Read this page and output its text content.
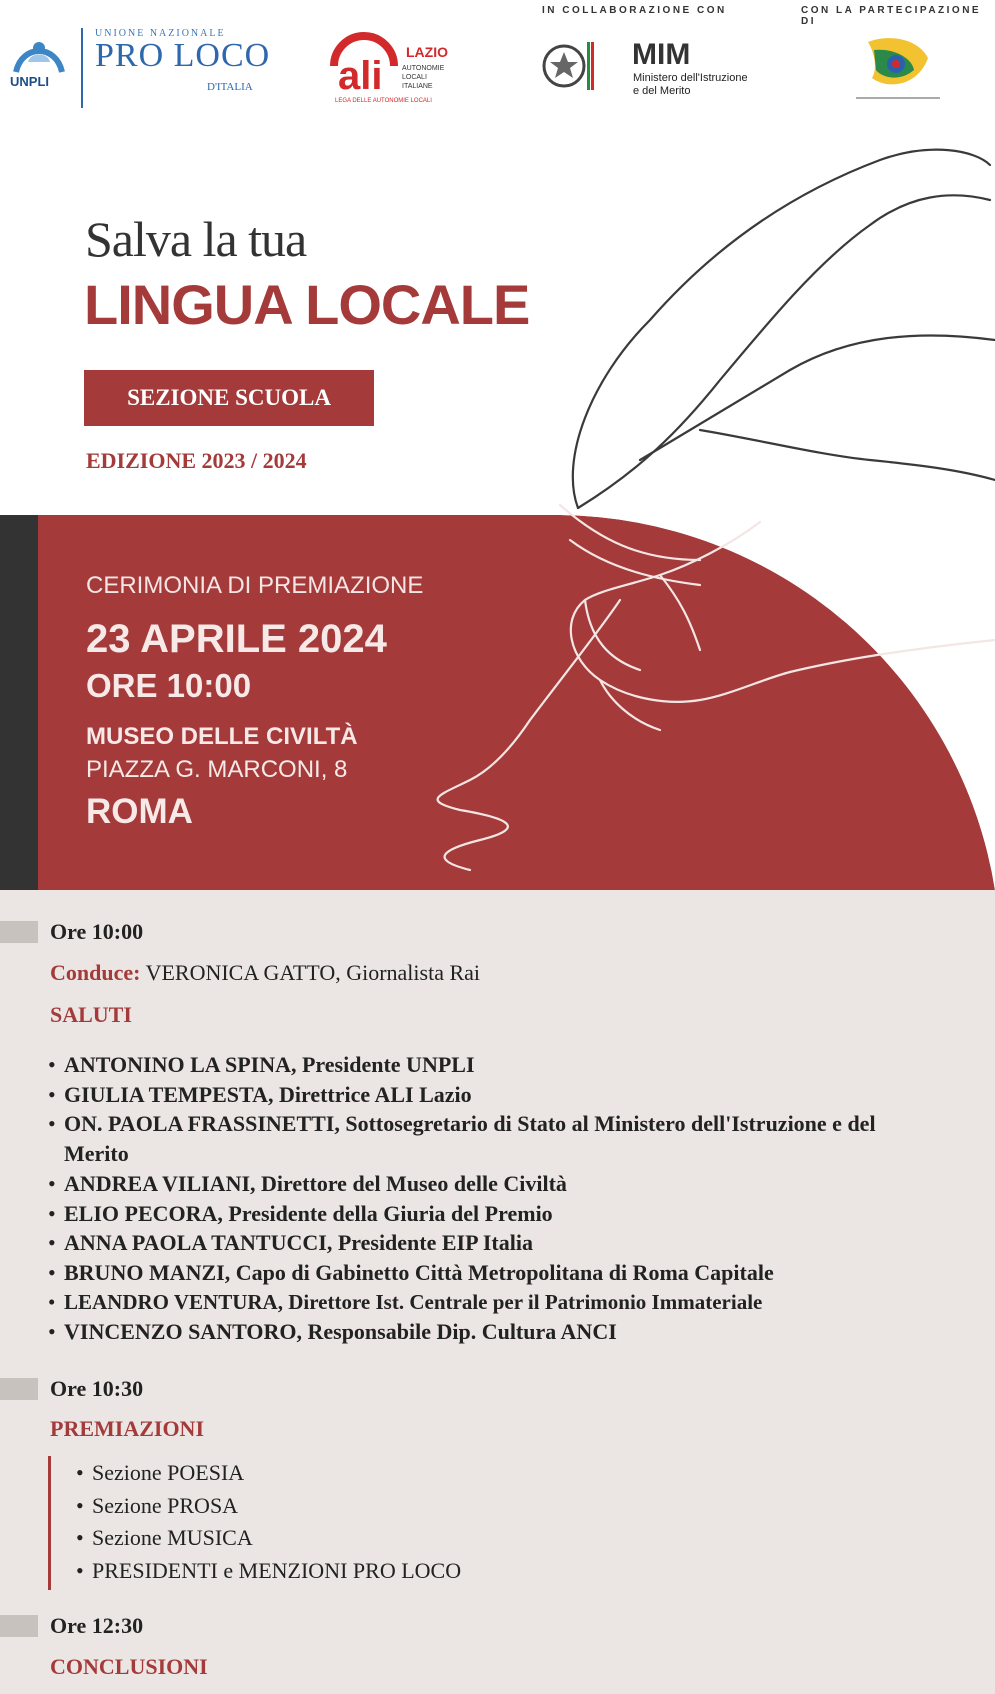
IN COLLABORAZIONE CON	CON LA PARTECIPAZIONE DI
UNPLI
UNIONE NAZIONALE
PRO LOCO
D'ITALIA ali
LAZIO
AUTONOMIE
LOCALI
ITALIANE
LEGA DELLE AUTONOMIE LOCALI
MIM
Ministero dell'Istruzione
e del Merito
Salva la tua
LINGUA LOCALE
SEZIONE SCUOLA
EDIZIONE 2023 / 2024
CERIMONIA DI PREMIAZIONE
23 APRILE 2024
ORE 10:00
MUSEO DELLE CIVILTÀ
PIAZZA G. MARCONI, 8
ROMA
Ore 10:00
Conduce: VERONICA GATTO, Giornalista Rai
SALUTI
• ANTONINO LA SPINA, Presidente UNPLI
• GIULIA TEMPESTA, Direttrice ALI Lazio
• ON. PAOLA FRASSINETTI, Sottosegretario di Stato al Ministero dell'Istruzione e del Merito
• ANDREA VILIANI, Direttore del Museo delle Civiltà
• ELIO PECORA, Presidente della Giuria del Premio
• ANNA PAOLA TANTUCCI, Presidente EIP Italia
• BRUNO MANZI, Capo di Gabinetto Città Metropolitana di Roma Capitale
• LEANDRO VENTURA, Direttore Ist. Centrale per il Patrimonio Immateriale
• VINCENZO SANTORO, Responsabile Dip. Cultura ANCI
Ore 10:30
PREMIAZIONI
• Sezione POESIA
• Sezione PROSA
• Sezione MUSICA
• PRESIDENTI e MENZIONI PRO LOCO
Ore 12:30
CONCLUSIONI
